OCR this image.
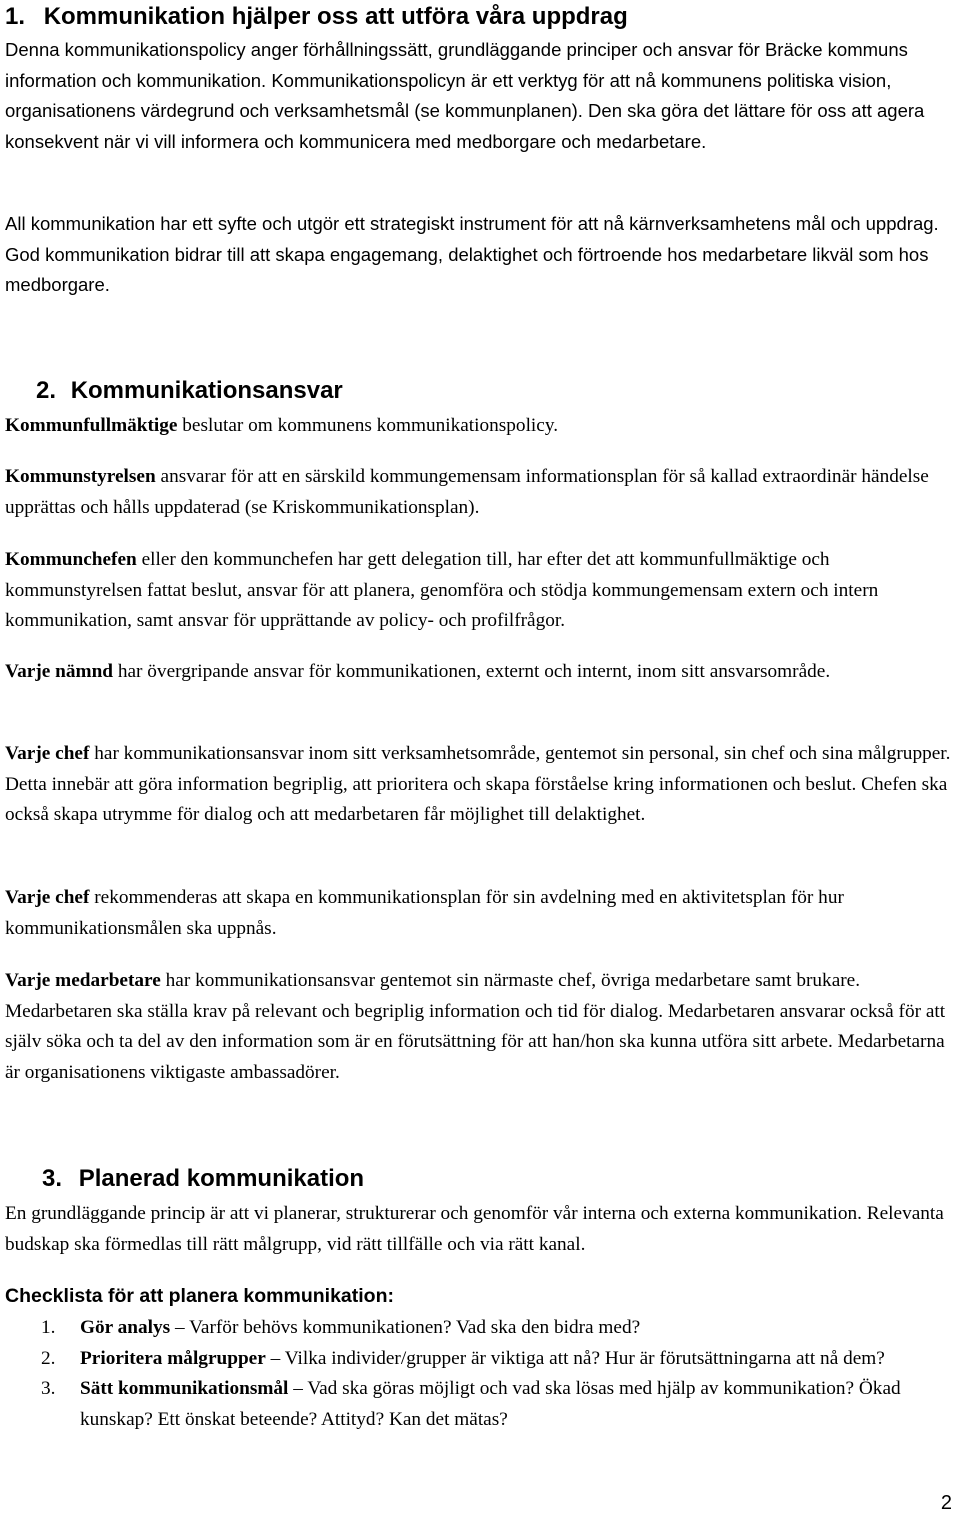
1. Kommunikation hjälper oss att utföra våra uppdrag

Denna kommunikationspolicy anger förhållningssätt, grundläggande principer och ansvar för Bräcke kommuns information och kommunikation. Kommunikationspolicyn är ett verktyg för att nå kommunens politiska vision, organisationens värdegrund och verksamhetsmål (se kommunplanen). Den ska göra det lättare för oss att agera konsekvent när vi vill informera och kommunicera med medborgare och medarbetare.

All kommunikation har ett syfte och utgör ett strategiskt instrument för att nå kärnverksamhetens mål och uppdrag. God kommunikation bidrar till att skapa engagemang, delaktighet och förtroende hos medarbetare likväl som hos medborgare.

2. Kommunikationsansvar

Kommunfullmäktige beslutar om kommunens kommunikationspolicy.

Kommunstyrelsen ansvarar för att en särskild kommungemensam informationsplan för så kallad extraordinär händelse upprättas och hålls uppdaterad (se Kriskommunikationsplan).

Kommunchefen eller den kommunchefen har gett delegation till, har efter det att kommunfullmäktige och kommunstyrelsen fattat beslut, ansvar för att planera, genomföra och stödja kommungemensam extern och intern kommunikation, samt ansvar för upprättande av policy- och profilfrågor.

Varje nämnd har övergripande ansvar för kommunikationen, externt och internt, inom sitt ansvarsområde.

Varje chef har kommunikationsansvar inom sitt verksamhetsområde, gentemot sin personal, sin chef och sina målgrupper. Detta innebär att göra information begriplig, att prioritera och skapa förståelse kring informationen och beslut. Chefen ska också skapa utrymme för dialog och att medarbetaren får möjlighet till delaktighet.

Varje chef rekommenderas att skapa en kommunikationsplan för sin avdelning med en aktivitetsplan för hur kommunikationsmålen ska uppnås.

Varje medarbetare har kommunikationsansvar gentemot sin närmaste chef, övriga medarbetare samt brukare. Medarbetaren ska ställa krav på relevant och begriplig information och tid för dialog. Medarbetaren ansvarar också för att själv söka och ta del av den information som är en förutsättning för att han/hon ska kunna utföra sitt arbete. Medarbetarna är organisationens viktigaste ambassadörer.

3. Planerad kommunikation

En grundläggande princip är att vi planerar, strukturerar och genomför vår interna och externa kommunikation. Relevanta budskap ska förmedlas till rätt målgrupp, vid rätt tillfälle och via rätt kanal.

Checklista för att planera kommunikation:
1. Gör analys – Varför behövs kommunikationen? Vad ska den bidra med?
2. Prioritera målgrupper – Vilka individer/grupper är viktiga att nå? Hur är förutsättningarna att nå dem?
3. Sätt kommunikationsmål – Vad ska göras möjligt och vad ska lösas med hjälp av kommunikation? Ökad kunskap? Ett önskat beteende? Attityd? Kan det mätas?
2
